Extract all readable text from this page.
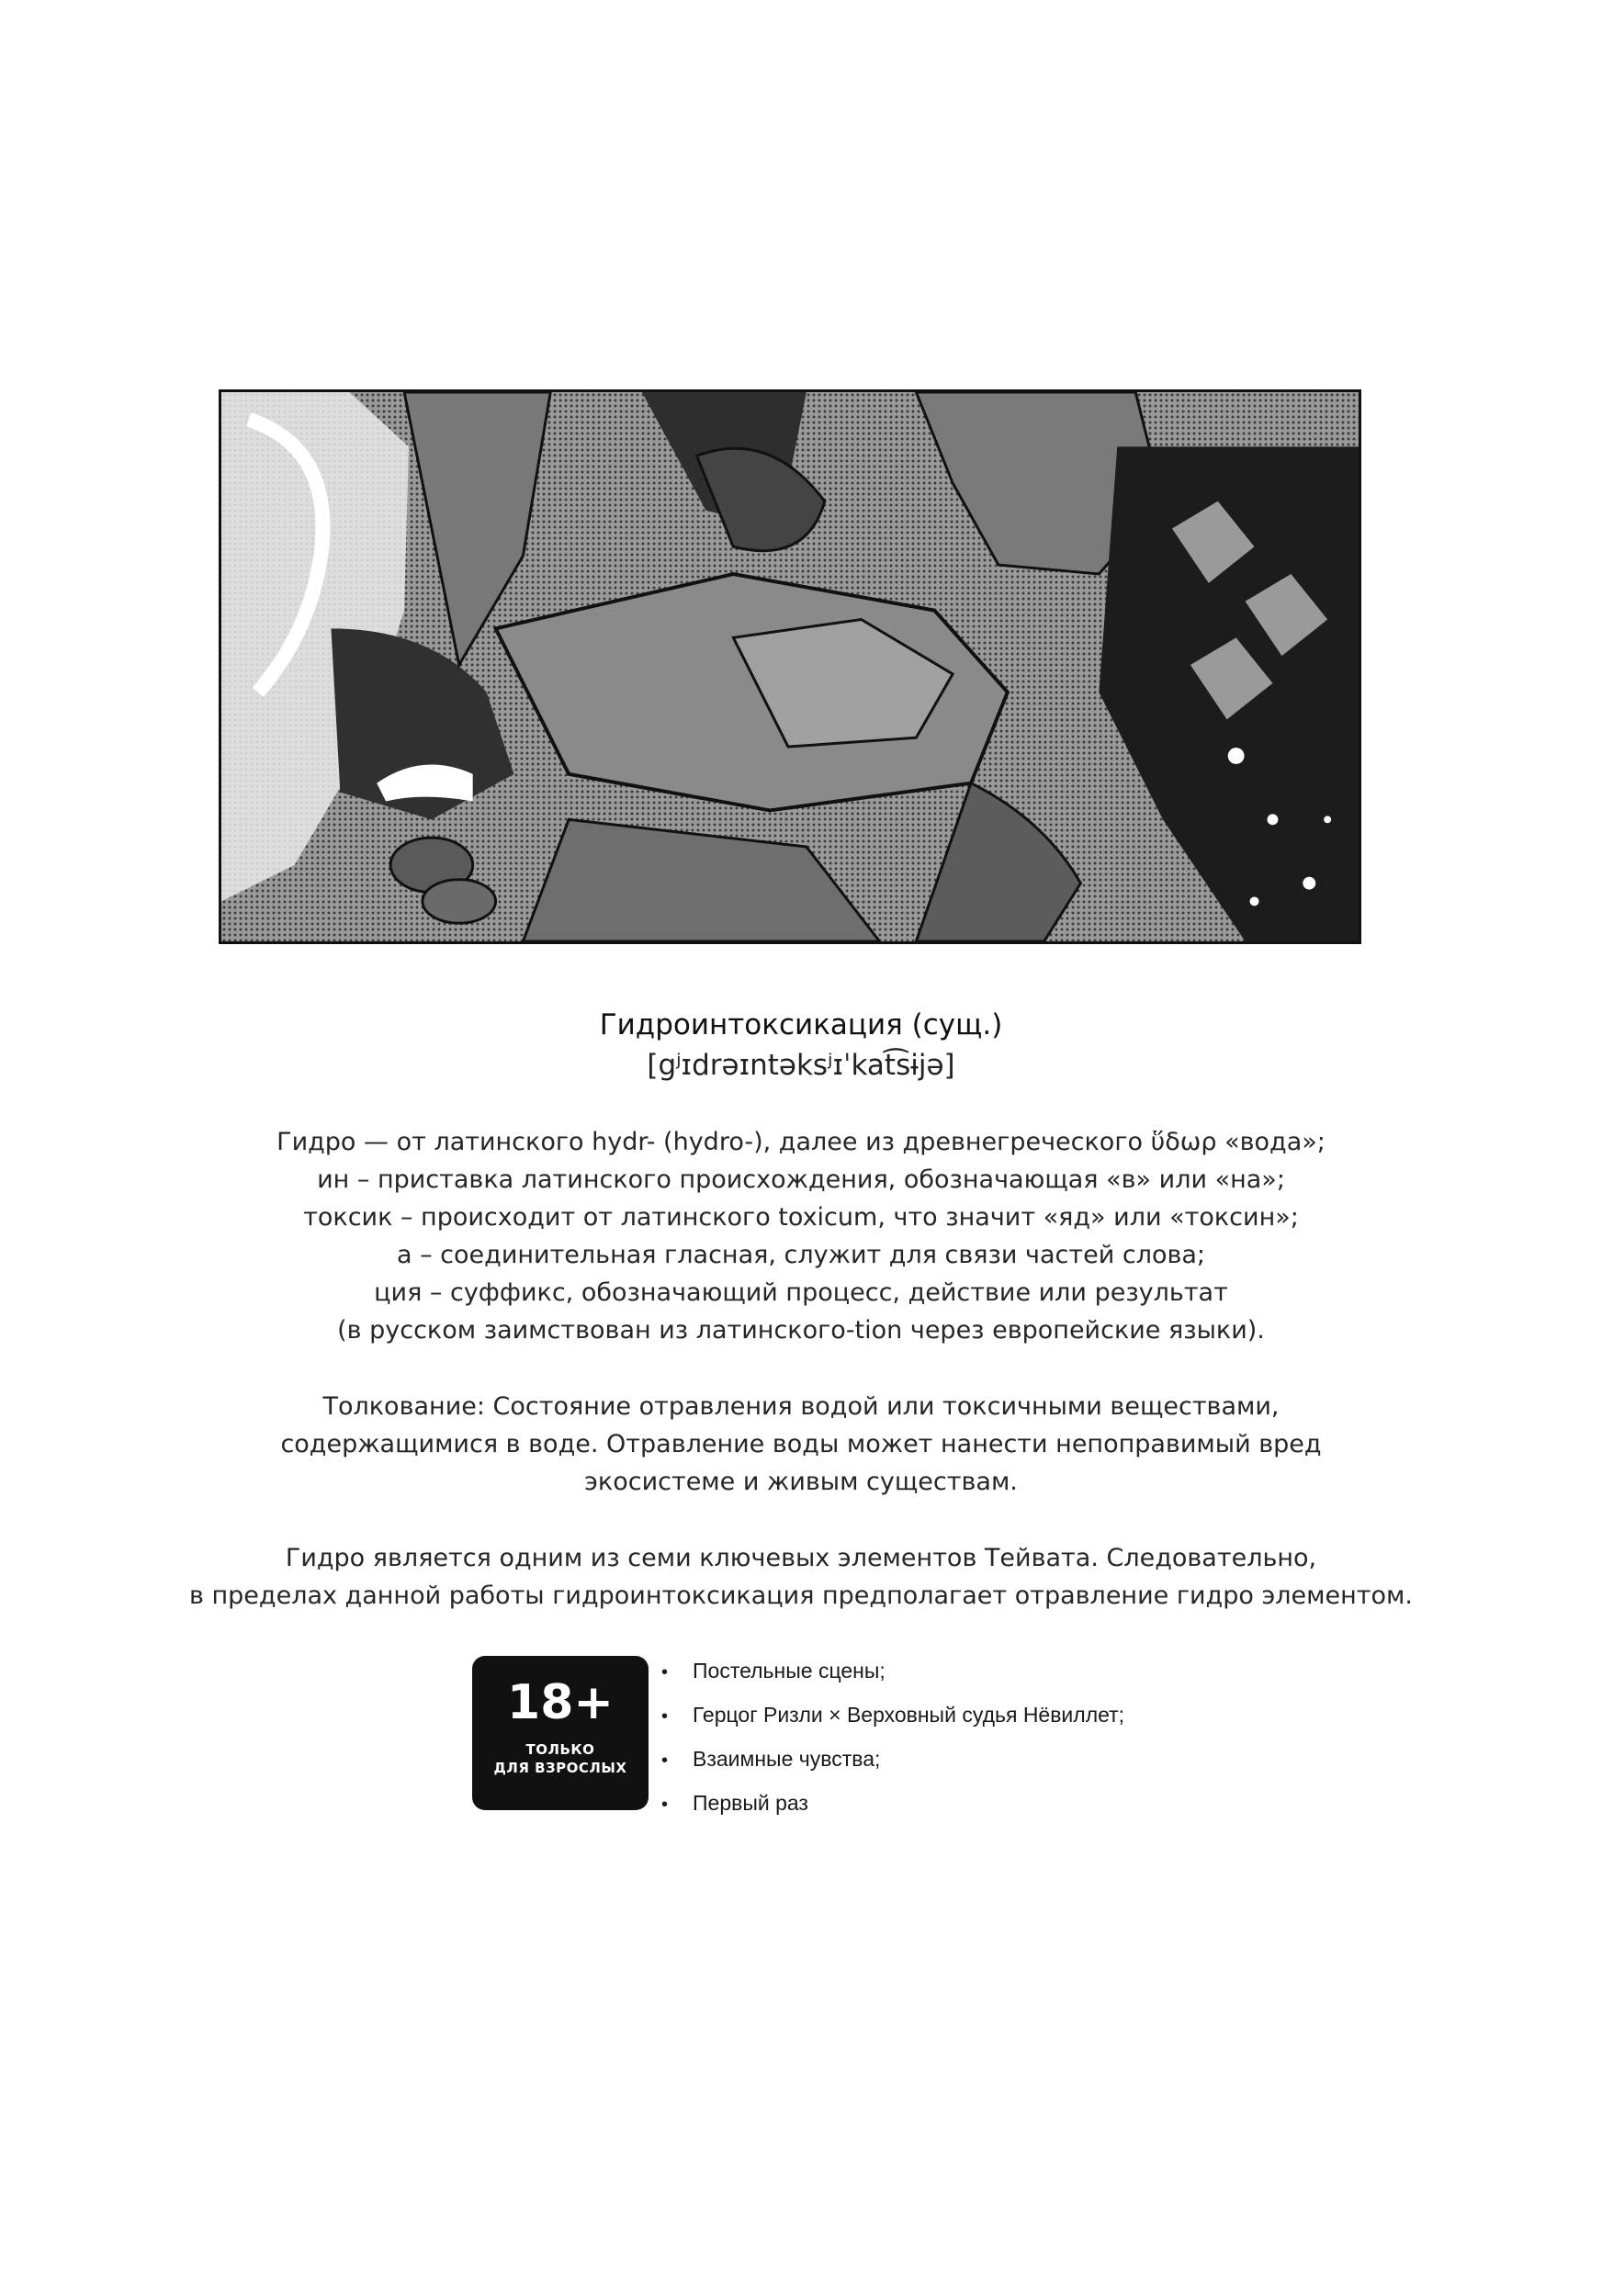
Гидроинтоксикация (сущ.)
[gʲɪdrəɪntəksʲɪˈkat͡sɨjə]

Гидро — от латинского hydr- (hydro-), далее из древнегреческого ὕδωρ «вода»;

ин – приставка латинского происхождения, обозначающая «в» или «на»;

токсик – происходит от латинского toxicum, что значит «яд» или «токсин»;

а – соединительная гласная, служит для связи частей слова;

ция – суффикс, обозначающий процесс, действие или результат

(в русском заимствован из латинского-tion через европейские языки).

Толкование: Состояние отравления водой или токсичными веществами,

содержащимися в воде. Отравление воды может нанести непоправимый вред

экосистеме и живым существам.

Гидро является одним из семи ключевых элементов Тейвата. Следовательно,

в пределах данной работы гидроинтоксикация предполагает отравление гидро элементом.

18+
ТОЛЬКО
ДЛЯ ВЗРОСЛЫХ
• Постельные сцены;
• Герцог Ризли × Верховный судья Нёвиллет;
• Взаимные чувства;
• Первый раз
